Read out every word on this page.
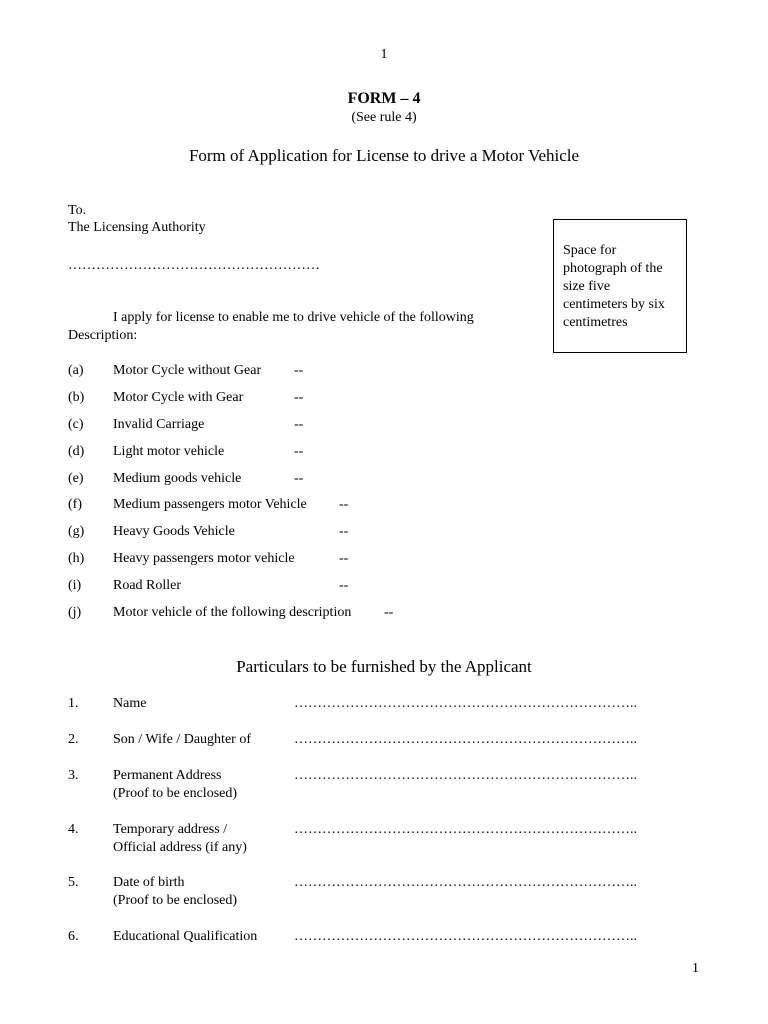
1
FORM – 4
(See rule 4)
Form of Application for License to drive a Motor Vehicle
To.
The Licensing Authority
………………………………………………
Space for photograph of the size five centimeters by six centimetres
I apply for license to enable me to drive vehicle of the following
Description:
(a) Motor Cycle without Gear --
(b) Motor Cycle with Gear	--
(c) Invalid Carriage	--
(d) Light motor vehicle	--
(e) Medium goods vehicle	--
(f) Medium passengers motor Vehicle --
(g) Heavy Goods Vehicle	--
(h) Heavy passengers motor vehicle	--
(i) Road Roller	--
(j) Motor vehicle of the following description --
Particulars to be furnished by the Applicant
1. Name	………………………………………………………………..
2. Son / Wife / Daughter of	………………………………………………………………..
3. Permanent Address
(Proof to be enclosed)
………………………………………………………………..
4. Temporary address /
Official address (if any)
………………………………………………………………..
5. Date of birth
(Proof to be enclosed)
………………………………………………………………..
6. Educational Qualification	………………………………………………………………..
1
